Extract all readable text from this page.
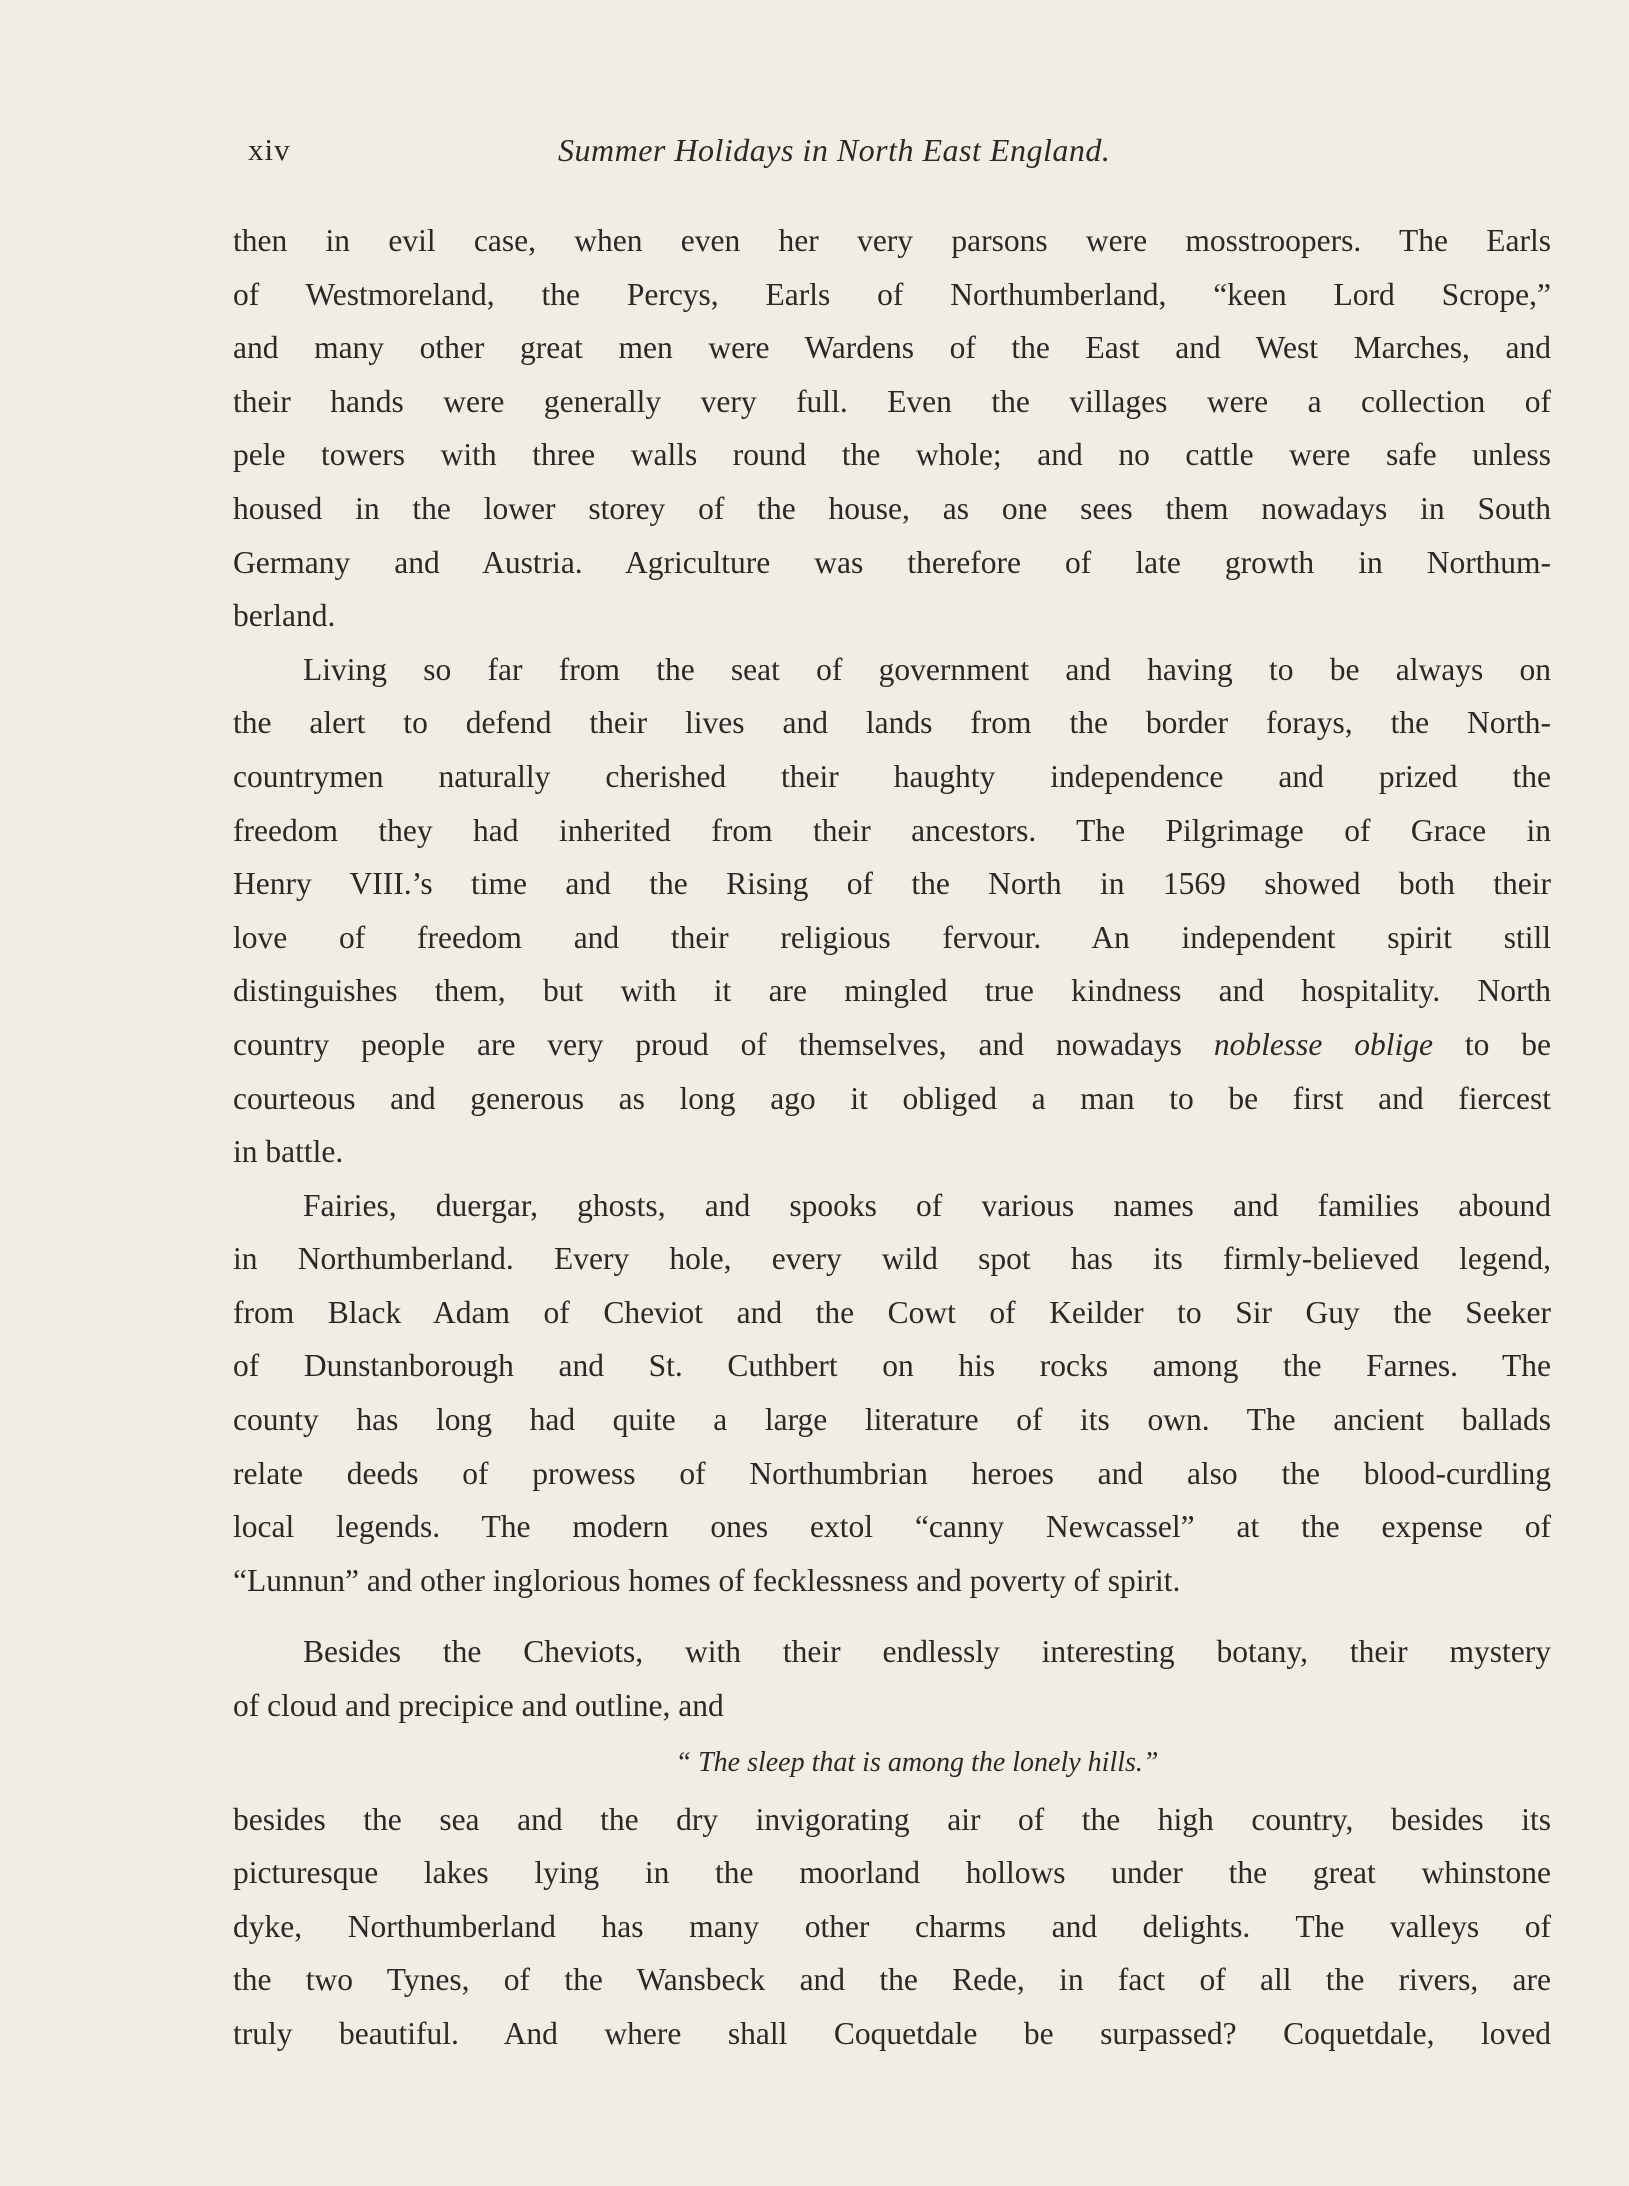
xiv	Summer Holidays in North East England.
then in evil case, when even her very parsons were mosstroopers. The Earls
of Westmoreland, the Percys, Earls of Northumberland, “keen Lord Scrope,”
and many other great men were Wardens of the East and West Marches, and
their hands were generally very full. Even the villages were a collection of
pele towers with three walls round the whole; and no cattle were safe unless
housed in the lower storey of the house, as one sees them nowadays in South
Germany and Austria. Agriculture was therefore of late growth in Northum-
berland.
Living so far from the seat of government and having to be always on
the alert to defend their lives and lands from the border forays, the North-
countrymen naturally cherished their haughty independence and prized the
freedom they had inherited from their ancestors. The Pilgrimage of Grace in
Henry VIII.’s time and the Rising of the North in 1569 showed both their
love of freedom and their religious fervour. An independent spirit still
distinguishes them, but with it are mingled true kindness and hospitality. North
country people are very proud of themselves, and nowadays noblesse oblige to be
courteous and generous as long ago it obliged a man to be first and fiercest
in battle.
Fairies, duergar, ghosts, and spooks of various names and families abound
in Northumberland. Every hole, every wild spot has its firmly-believed legend,
from Black Adam of Cheviot and the Cowt of Keilder to Sir Guy the Seeker
of Dunstanborough and St. Cuthbert on his rocks among the Farnes. The
county has long had quite a large literature of its own. The ancient ballads
relate deeds of prowess of Northumbrian heroes and also the blood-curdling
local legends. The modern ones extol “canny Newcassel” at the expense of
“Lunnun” and other inglorious homes of fecklessness and poverty of spirit.
Besides the Cheviots, with their endlessly interesting botany, their mystery
of cloud and precipice and outline, and
“ The sleep that is among the lonely hills.”
besides the sea and the dry invigorating air of the high country, besides its
picturesque lakes lying in the moorland hollows under the great whinstone
dyke, Northumberland has many other charms and delights. The valleys of
the two Tynes, of the Wansbeck and the Rede, in fact of all the rivers, are
truly beautiful. And where shall Coquetdale be surpassed? Coquetdale, loved
